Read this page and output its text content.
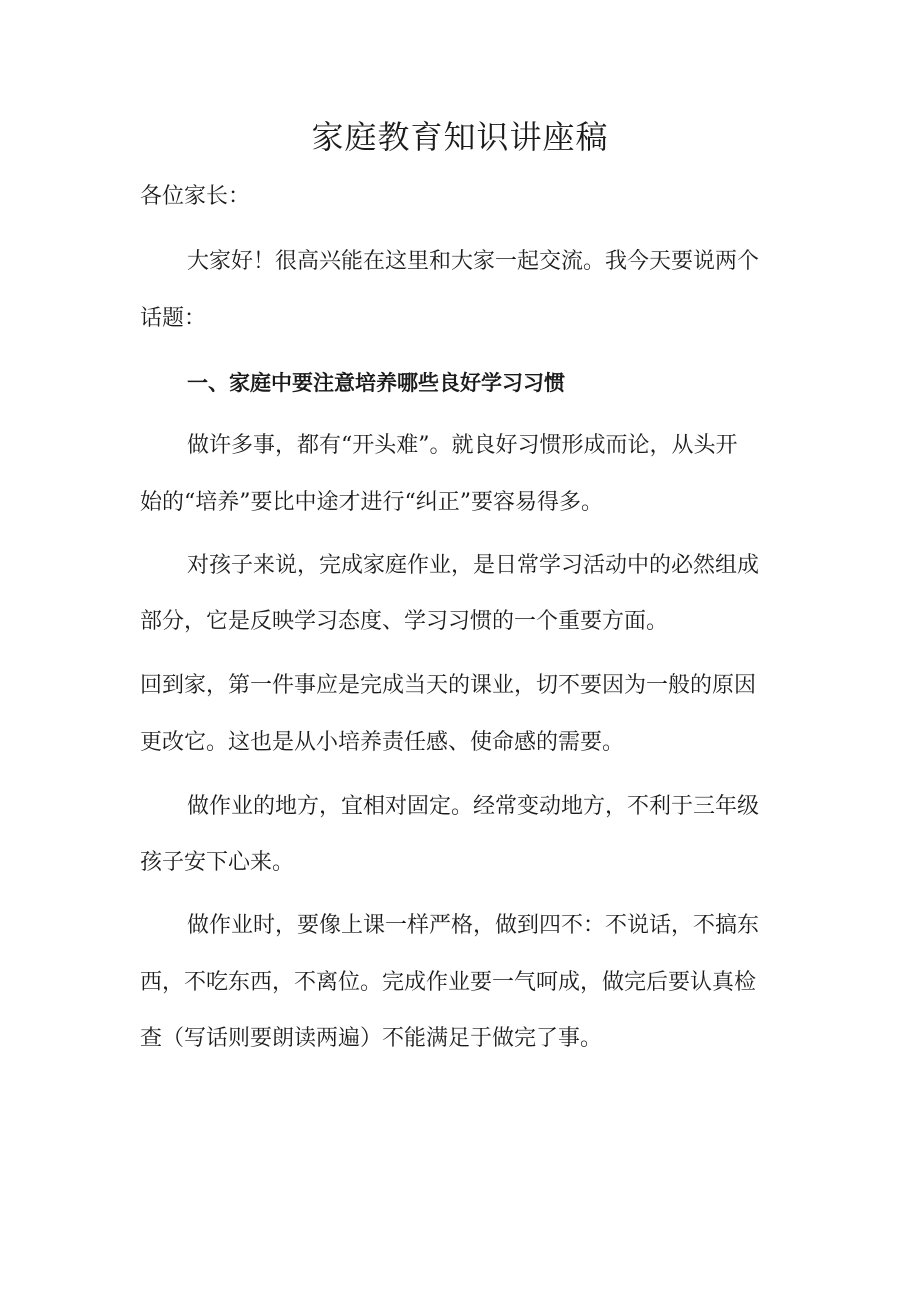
家庭教育知识讲座稿
各位家长：
大家好！很高兴能在这里和大家一起交流。我今天要说两个
话题：
一、家庭中要注意培养哪些良好学习习惯
做许多事，都有“开头难”。就良好习惯形成而论，从头开
始的“培养”要比中途才进行“纠正”要容易得多。
对孩子来说，完成家庭作业，是日常学习活动中的必然组成
部分，它是反映学习态度、学习习惯的一个重要方面。
回到家，第一件事应是完成当天的课业，切不要因为一般的原因
更改它。这也是从小培养责任感、使命感的需要。
做作业的地方，宜相对固定。经常变动地方，不利于三年级
孩子安下心来。
做作业时，要像上课一样严格，做到四不：不说话，不搞东
西，不吃东西，不离位。完成作业要一气呵成，做完后要认真检
查（写话则要朗读两遍）不能满足于做完了事。
